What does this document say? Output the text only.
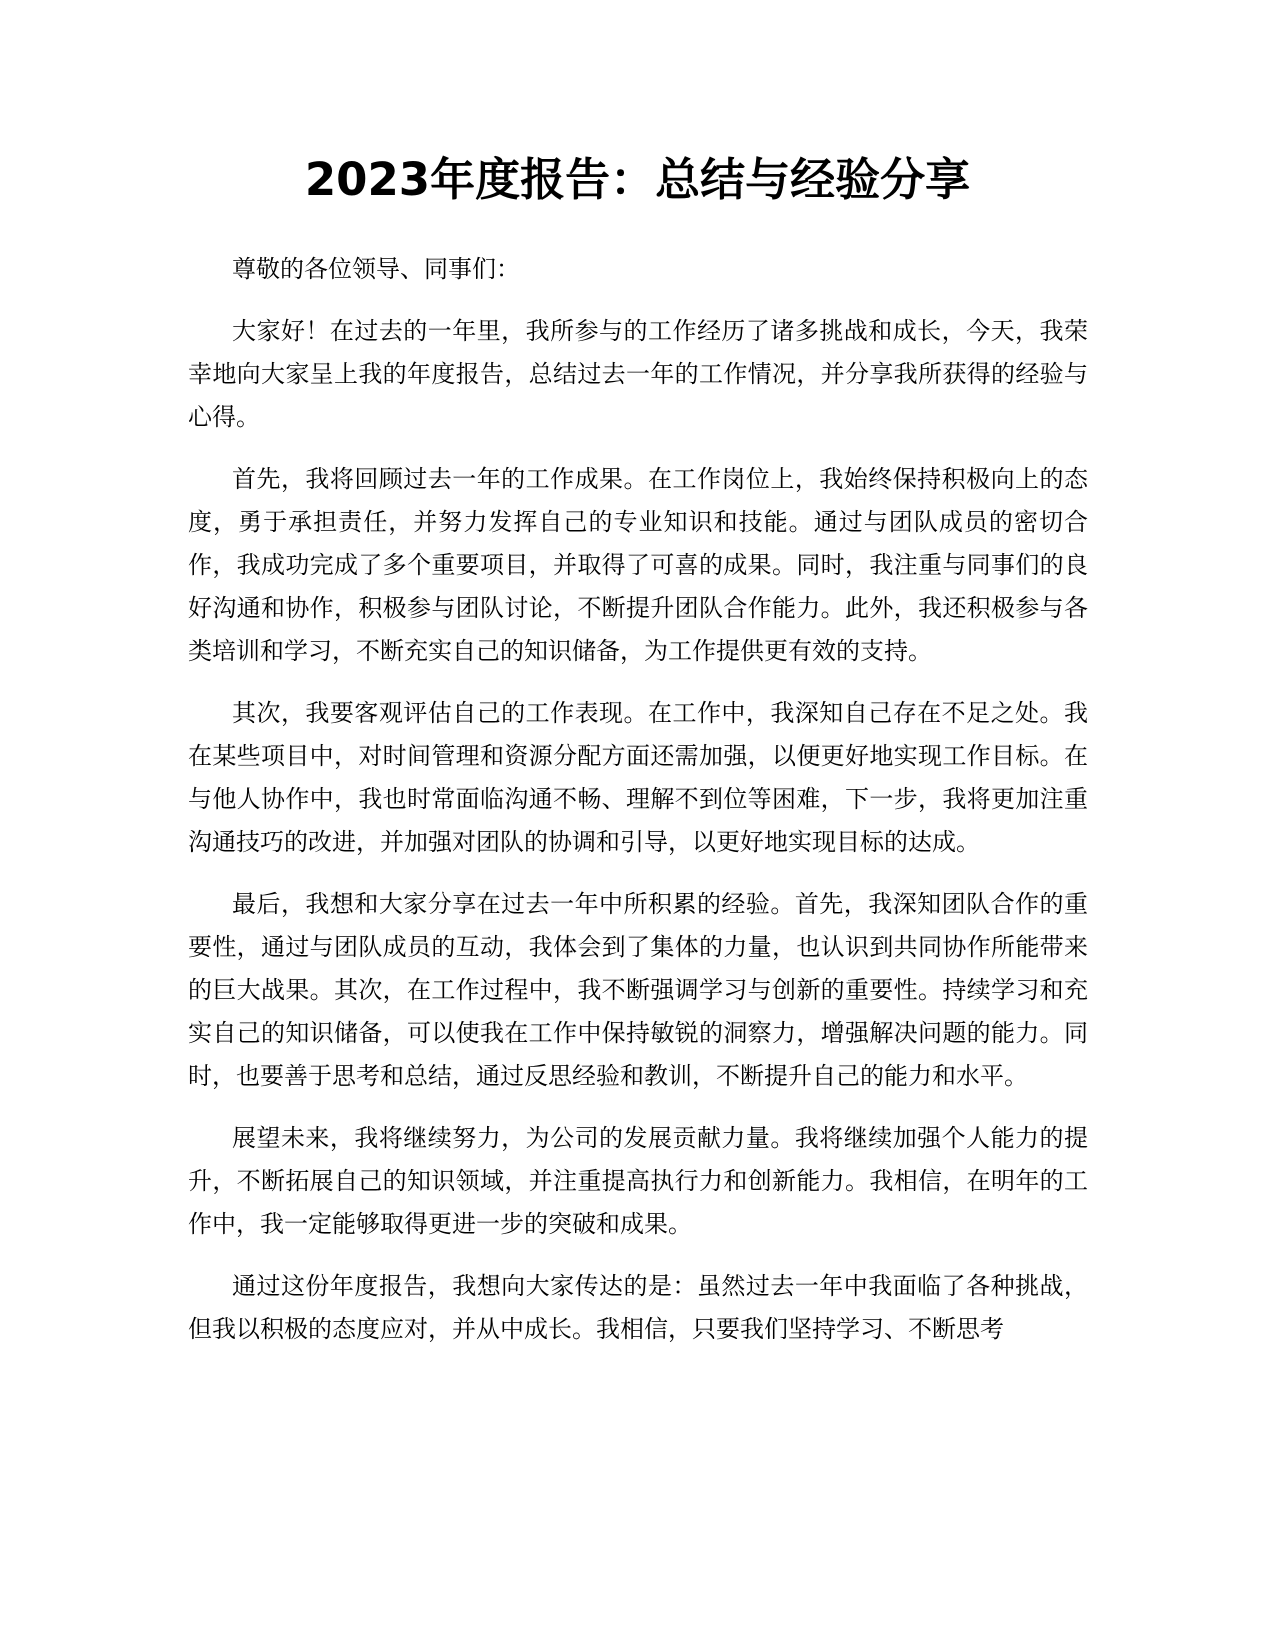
2023年度报告：总结与经验分享

尊敬的各位领导、同事们：

大家好！在过去的一年里，我所参与的工作经历了诸多挑战和成长，今天，我荣幸地向大家呈上我的年度报告，总结过去一年的工作情况，并分享我所获得的经验与心得。

首先，我将回顾过去一年的工作成果。在工作岗位上，我始终保持积极向上的态度，勇于承担责任，并努力发挥自己的专业知识和技能。通过与团队成员的密切合作，我成功完成了多个重要项目，并取得了可喜的成果。同时，我注重与同事们的良好沟通和协作，积极参与团队讨论，不断提升团队合作能力。此外，我还积极参与各类培训和学习，不断充实自己的知识储备，为工作提供更有效的支持。

其次，我要客观评估自己的工作表现。在工作中，我深知自己存在不足之处。我在某些项目中，对时间管理和资源分配方面还需加强，以便更好地实现工作目标。在与他人协作中，我也时常面临沟通不畅、理解不到位等困难，下一步，我将更加注重沟通技巧的改进，并加强对团队的协调和引导，以更好地实现目标的达成。

最后，我想和大家分享在过去一年中所积累的经验。首先，我深知团队合作的重要性，通过与团队成员的互动，我体会到了集体的力量，也认识到共同协作所能带来的巨大战果。其次，在工作过程中，我不断强调学习与创新的重要性。持续学习和充实自己的知识储备，可以使我在工作中保持敏锐的洞察力，增强解决问题的能力。同时，也要善于思考和总结，通过反思经验和教训，不断提升自己的能力和水平。

展望未来，我将继续努力，为公司的发展贡献力量。我将继续加强个人能力的提升，不断拓展自己的知识领域，并注重提高执行力和创新能力。我相信，在明年的工作中，我一定能够取得更进一步的突破和成果。

通过这份年度报告，我想向大家传达的是：虽然过去一年中我面临了各种挑战，但我以积极的态度应对，并从中成长。我相信，只要我们坚持学习、不断思考
